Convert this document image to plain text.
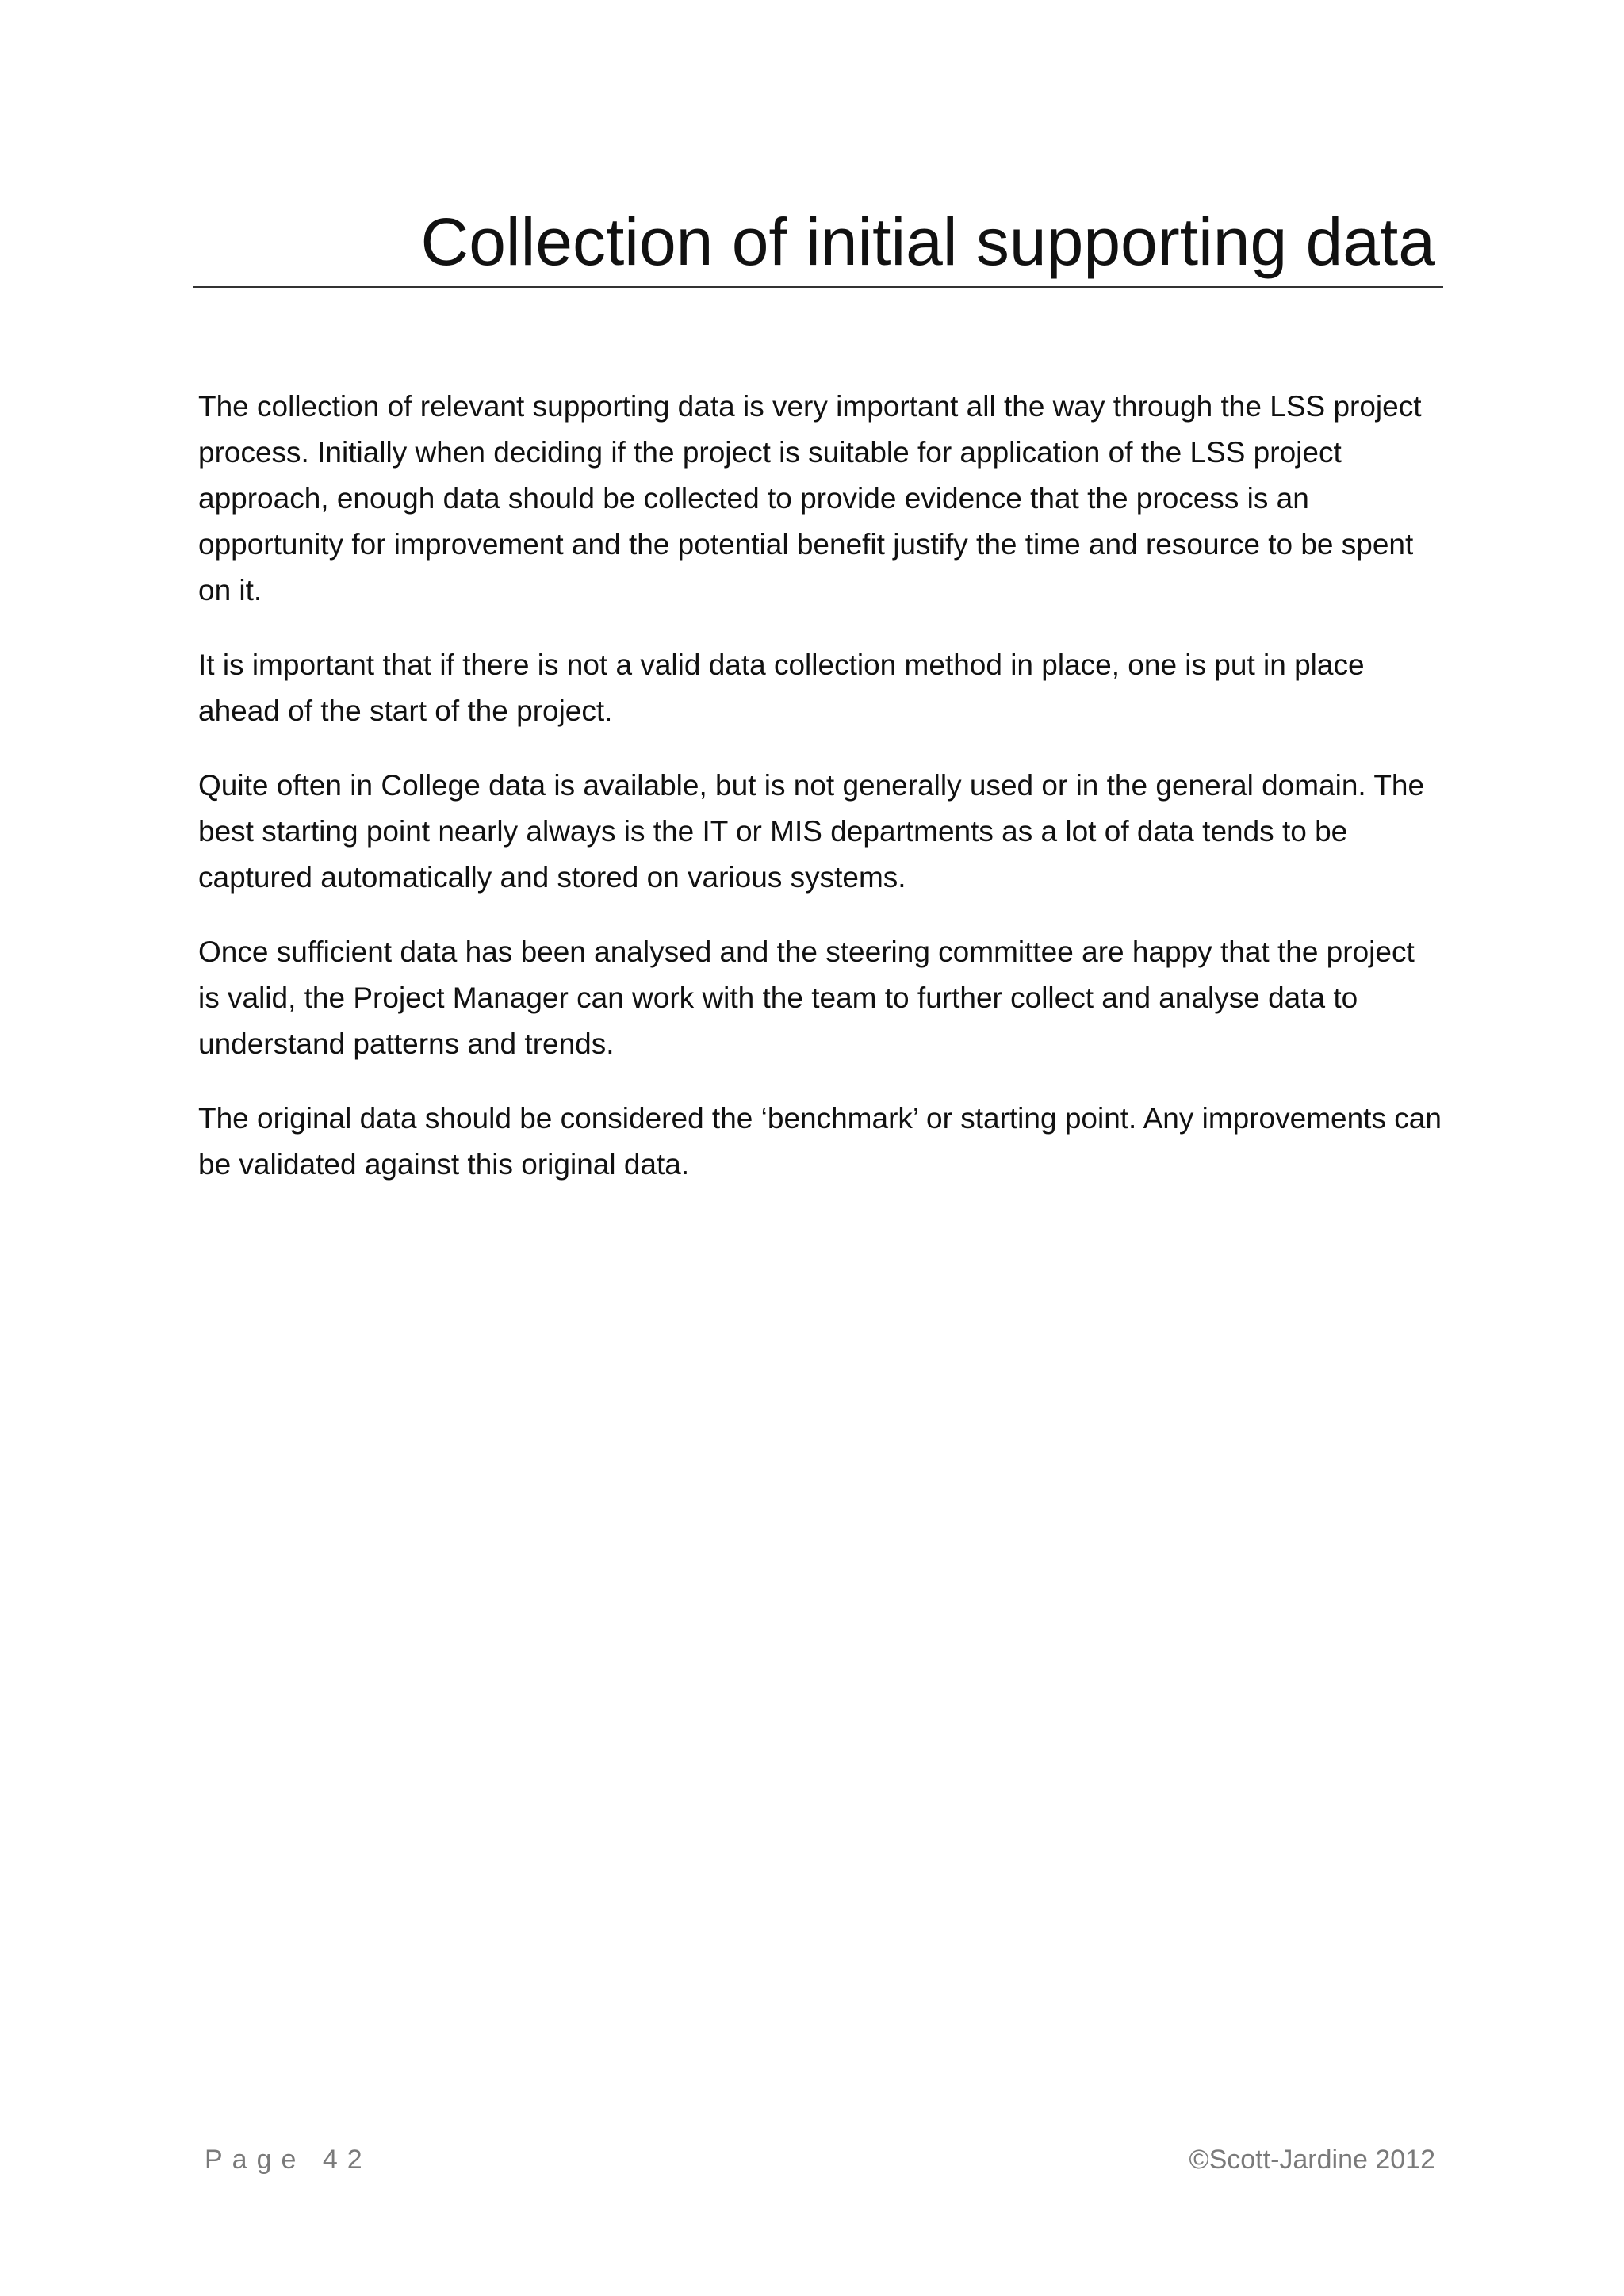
Collection of initial supporting data

The collection of relevant supporting data is very important all the way through the LSS project process. Initially when deciding if the project is suitable for application of the LSS project approach, enough data should be collected to provide evidence that the process is an opportunity for improvement and the potential benefit justify the time and resource to be spent on it.

It is important that if there is not a valid data collection method in place, one is put in place ahead of the start of the project.

Quite often in College data is available, but is not generally used or in the general domain. The best starting point nearly always is the IT or MIS departments as a lot of data tends to be captured automatically and stored on various systems.

Once sufficient data has been analysed and the steering committee are happy that the project is valid, the Project Manager can work with the team to further collect and analyse data to understand patterns and trends.

The original data should be considered the ‘benchmark’ or starting point. Any improvements can be validated against this original data.

Page 42	©Scott-Jardine 2012
